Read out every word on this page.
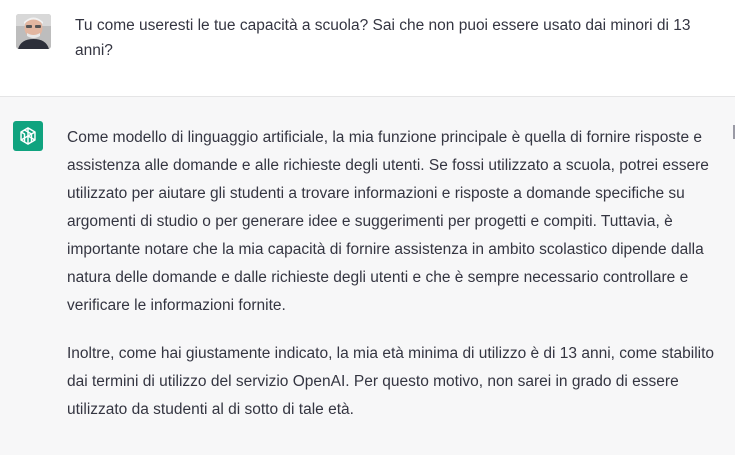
Tu come useresti le tue capacità a scuola? Sai che non puoi essere usato dai minori di 13 anni?

Come modello di linguaggio artificiale, la mia funzione principale è quella di fornire risposte e assistenza alle domande e alle richieste degli utenti. Se fossi utilizzato a scuola, potrei essere utilizzato per aiutare gli studenti a trovare informazioni e risposte a domande specifiche su argomenti di studio o per generare idee e suggerimenti per progetti e compiti. Tuttavia, è importante notare che la mia capacità di fornire assistenza in ambito scolastico dipende dalla natura delle domande e dalle richieste degli utenti e che è sempre necessario controllare e verificare le informazioni fornite.

Inoltre, come hai giustamente indicato, la mia età minima di utilizzo è di 13 anni, come stabilito dai termini di utilizzo del servizio OpenAI. Per questo motivo, non sarei in grado di essere utilizzato da studenti al di sotto di tale età.
